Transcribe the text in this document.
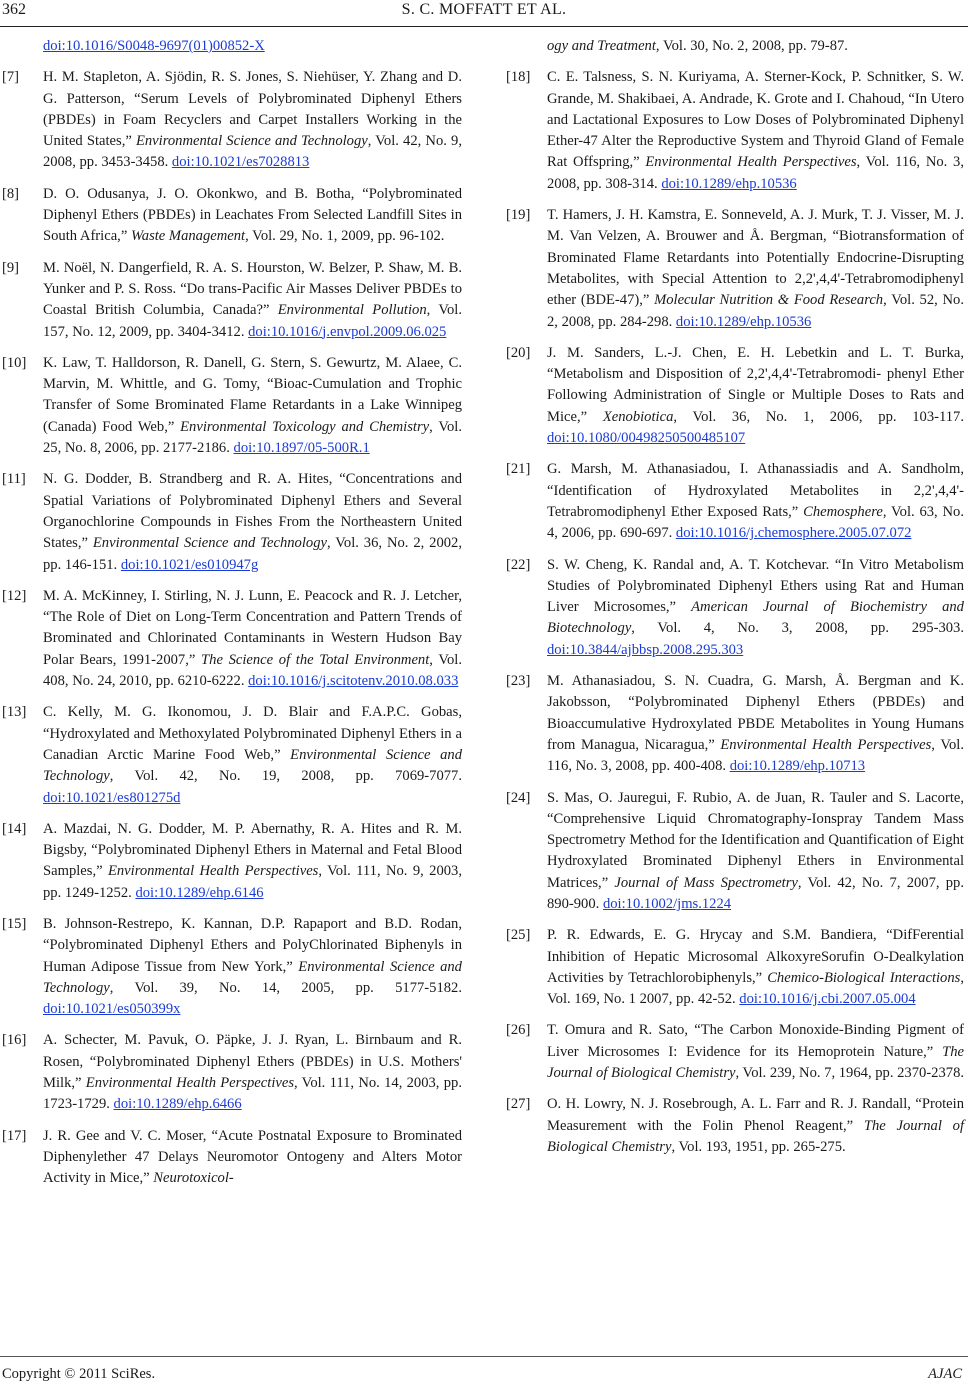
362	S. C. MOFFATT ET AL.
doi:10.1016/S0048-9697(01)00852-X
[7] H. M. Stapleton, A. Sjödin, R. S. Jones, S. Niehüser, Y. Zhang and D. G. Patterson, “Serum Levels of Polybrominated Diphenyl Ethers (PBDEs) in Foam Recyclers and Carpet Installers Working in the United States,” Environmental Science and Technology, Vol. 42, No. 9, 2008, pp. 3453-3458. doi:10.1021/es7028813
[8] D. O. Odusanya, J. O. Okonkwo, and B. Botha, “Polybrominated Diphenyl Ethers (PBDEs) in Leachates From Selected Landfill Sites in South Africa,” Waste Management, Vol. 29, No. 1, 2009, pp. 96-102.
[9] M. Noël, N. Dangerfield, R. A. S. Hourston, W. Belzer, P. Shaw, M. B. Yunker and P. S. Ross. “Do trans-Pacific Air Masses Deliver PBDEs to Coastal British Columbia, Canada?” Environmental Pollution, Vol. 157, No. 12, 2009, pp. 3404-3412. doi:10.1016/j.envpol.2009.06.025
[10] K. Law, T. Halldorson, R. Danell, G. Stern, S. Gewurtz, M. Alaee, C. Marvin, M. Whittle, and G. Tomy, “Bioac-Cumulation and Trophic Transfer of Some Brominated Flame Retardants in a Lake Winnipeg (Canada) Food Web,” Environmental Toxicology and Chemistry, Vol. 25, No. 8, 2006, pp. 2177-2186. doi:10.1897/05-500R.1
[11] N. G. Dodder, B. Strandberg and R. A. Hites, “Concentrations and Spatial Variations of Polybrominated Diphenyl Ethers and Several Organochlorine Compounds in Fishes From the Northeastern United States,” Environmental Science and Technology, Vol. 36, No. 2, 2002, pp. 146-151. doi:10.1021/es010947g
[12] M. A. McKinney, I. Stirling, N. J. Lunn, E. Peacock and R. J. Letcher, “The Role of Diet on Long-Term Concentration and Pattern Trends of Brominated and Chlorinated Contaminants in Western Hudson Bay Polar Bears, 1991-2007,” The Science of the Total Environment, Vol. 408, No. 24, 2010, pp. 6210-6222. doi:10.1016/j.scitotenv.2010.08.033
[13] C. Kelly, M. G. Ikonomou, J. D. Blair and F.A.P.C. Gobas, “Hydroxylated and Methoxylated Polybrominated Diphenyl Ethers in a Canadian Arctic Marine Food Web,” Environmental Science and Technology, Vol. 42, No. 19, 2008, pp. 7069-7077. doi:10.1021/es801275d
[14] A. Mazdai, N. G. Dodder, M. P. Abernathy, R. A. Hites and R. M. Bigsby, “Polybrominated Diphenyl Ethers in Maternal and Fetal Blood Samples,” Environmental Health Perspectives, Vol. 111, No. 9, 2003, pp. 1249-1252. doi:10.1289/ehp.6146
[15] B. Johnson-Restrepo, K. Kannan, D.P. Rapaport and B.D. Rodan, “Polybrominated Diphenyl Ethers and PolyChlorinated Biphenyls in Human Adipose Tissue from New York,” Environmental Science and Technology, Vol. 39, No. 14, 2005, pp. 5177-5182. doi:10.1021/es050399x
[16] A. Schecter, M. Pavuk, O. Päpke, J. J. Ryan, L. Birnbaum and R. Rosen, “Polybrominated Diphenyl Ethers (PBDEs) in U.S. Mothers' Milk,” Environmental Health Perspectives, Vol. 111, No. 14, 2003, pp. 1723-1729. doi:10.1289/ehp.6466
[17] J. R. Gee and V. C. Moser, “Acute Postnatal Exposure to Brominated Diphenylether 47 Delays Neuromotor Ontogeny and Alters Motor Activity in Mice,” Neurotoxicol-
ogy and Treatment, Vol. 30, No. 2, 2008, pp. 79-87.
[18] C. E. Talsness, S. N. Kuriyama, A. Sterner-Kock, P. Schnitker, S. W. Grande, M. Shakibaei, A. Andrade, K. Grote and I. Chahoud, “In Utero and Lactational Exposures to Low Doses of Polybrominated Diphenyl Ether-47 Alter the Reproductive System and Thyroid Gland of Female Rat Offspring,” Environmental Health Perspectives, Vol. 116, No. 3, 2008, pp. 308-314. doi:10.1289/ehp.10536
[19] T. Hamers, J. H. Kamstra, E. Sonneveld, A. J. Murk, T. J. Visser, M. J. M. Van Velzen, A. Brouwer and Å. Bergman, “Biotransformation of Brominated Flame Retardants into Potentially Endocrine-Disrupting Metabolites, with Special Attention to 2,2',4,4'-Tetrabromodiphenyl ether (BDE-47),” Molecular Nutrition & Food Research, Vol. 52, No. 2, 2008, pp. 284-298. doi:10.1289/ehp.10536
[20] J. M. Sanders, L.-J. Chen, E. H. Lebetkin and L. T. Burka, “Metabolism and Disposition of 2,2',4,4'-Tetrabromodi- phenyl Ether Following Administration of Single or Multiple Doses to Rats and Mice,” Xenobiotica, Vol. 36, No. 1, 2006, pp. 103-117. doi:10.1080/00498250500485107
[21] G. Marsh, M. Athanasiadou, I. Athanassiadis and A. Sandholm, “Identification of Hydroxylated Metabolites in 2,2',4,4'-Tetrabromodiphenyl Ether Exposed Rats,” Chemosphere, Vol. 63, No. 4, 2006, pp. 690-697. doi:10.1016/j.chemosphere.2005.07.072
[22] S. W. Cheng, K. Randal and, A. T. Kotchevar. “In Vitro Metabolism Studies of Polybrominated Diphenyl Ethers using Rat and Human Liver Microsomes,” American Journal of Biochemistry and Biotechnology, Vol. 4, No. 3, 2008, pp. 295-303. doi:10.3844/ajbbsp.2008.295.303
[23] M. Athanasiadou, S. N. Cuadra, G. Marsh, Å. Bergman and K. Jakobsson, “Polybrominated Diphenyl Ethers (PBDEs) and Bioaccumulative Hydroxylated PBDE Metabolites in Young Humans from Managua, Nicaragua,” Environmental Health Perspectives, Vol. 116, No. 3, 2008, pp. 400-408. doi:10.1289/ehp.10713
[24] S. Mas, O. Jauregui, F. Rubio, A. de Juan, R. Tauler and S. Lacorte, “Comprehensive Liquid Chromatography-Ionspray Tandem Mass Spectrometry Method for the Identification and Quantification of Eight Hydroxylated Brominated Diphenyl Ethers in Environmental Matrices,” Journal of Mass Spectrometry, Vol. 42, No. 7, 2007, pp. 890-900. doi:10.1002/jms.1224
[25] P. R. Edwards, E. G. Hrycay and S.M. Bandiera, “DifFerential Inhibition of Hepatic Microsomal AlkoxyreSorufin O-Dealkylation Activities by Tetrachlorobiphenyls,” Chemico-Biological Interactions, Vol. 169, No. 1 2007, pp. 42-52. doi:10.1016/j.cbi.2007.05.004
[26] T. Omura and R. Sato, “The Carbon Monoxide-Binding Pigment of Liver Microsomes I: Evidence for its Hemoprotein Nature,” The Journal of Biological Chemistry, Vol. 239, No. 7, 1964, pp. 2370-2378.
[27] O. H. Lowry, N. J. Rosebrough, A. L. Farr and R. J. Randall, “Protein Measurement with the Folin Phenol Reagent,” The Journal of Biological Chemistry, Vol. 193, 1951, pp. 265-275.
Copyright © 2011 SciRes.	AJAC
